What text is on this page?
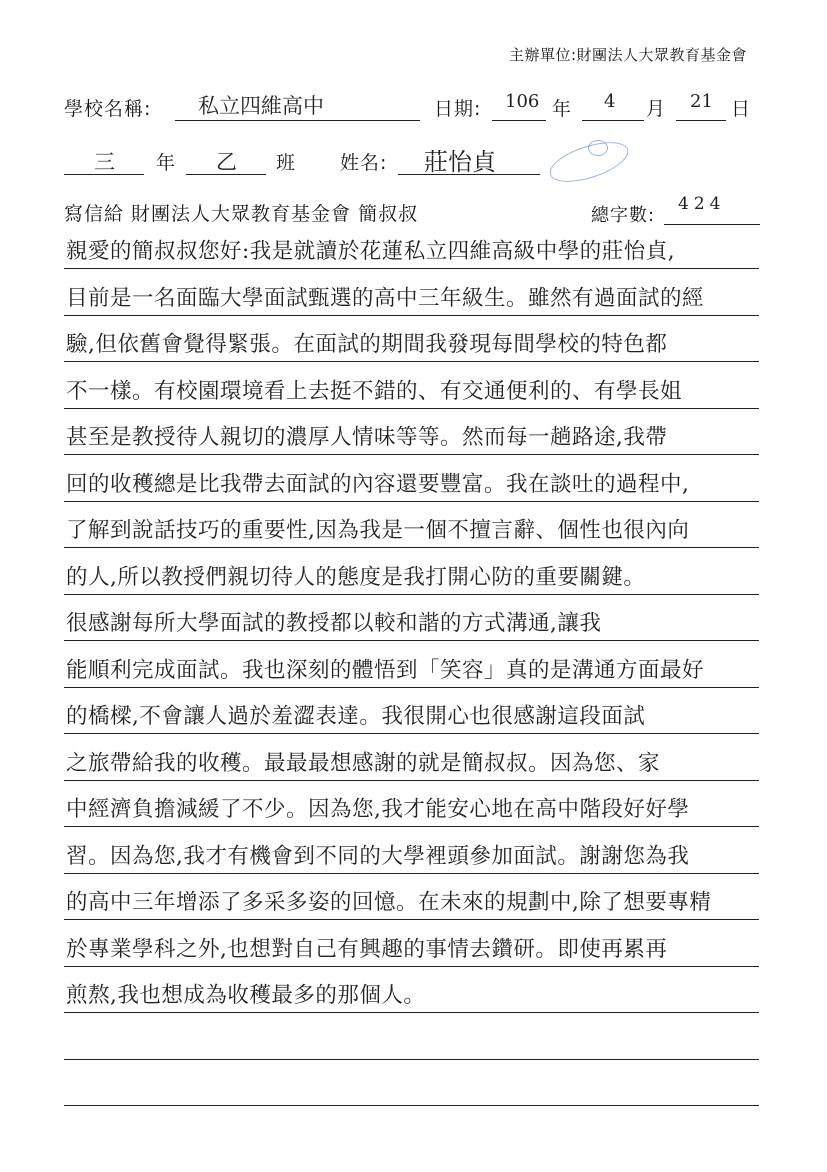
主辦單位:財團法人大眾教育基金會
學校名稱: 私立四維高中	日期: 106 年 4 月 21 日
三 年 乙 班 姓名: 莊怡貞
寫信給 財團法人大眾教育基金會 簡叔叔	總字數:
424
親愛的簡叔叔您好:我是就讀於花蓮私立四維高級中學的莊怡貞,
目前是一名面臨大學面試甄選的高中三年級生。雖然有過面試的經
驗,但依舊會覺得緊張。在面試的期間我發現每間學校的特色都
不一樣。有校園環境看上去挺不錯的、有交通便利的、有學長姐
甚至是教授待人親切的濃厚人情味等等。然而每一趟路途,我帶
回的收穫總是比我帶去面試的內容還要豐富。我在談吐的過程中,
了解到說話技巧的重要性,因為我是一個不擅言辭、個性也很內向
的人,所以教授們親切待人的態度是我打開心防的重要關鍵。
很感謝每所大學面試的教授都以較和諧的方式溝通,讓我
能順利完成面試。我也深刻的體悟到「笑容」真的是溝通方面最好
的橋樑,不會讓人過於羞澀表達。我很開心也很感謝這段面試
之旅帶給我的收穫。最最最想感謝的就是簡叔叔。因為您、家
中經濟負擔減緩了不少。因為您,我才能安心地在高中階段好好學
習。因為您,我才有機會到不同的大學裡頭參加面試。謝謝您為我
的高中三年增添了多采多姿的回憶。在未來的規劃中,除了想要專精
於專業學科之外,也想對自己有興趣的事情去鑽研。即使再累再
煎熬,我也想成為收穫最多的那個人。
